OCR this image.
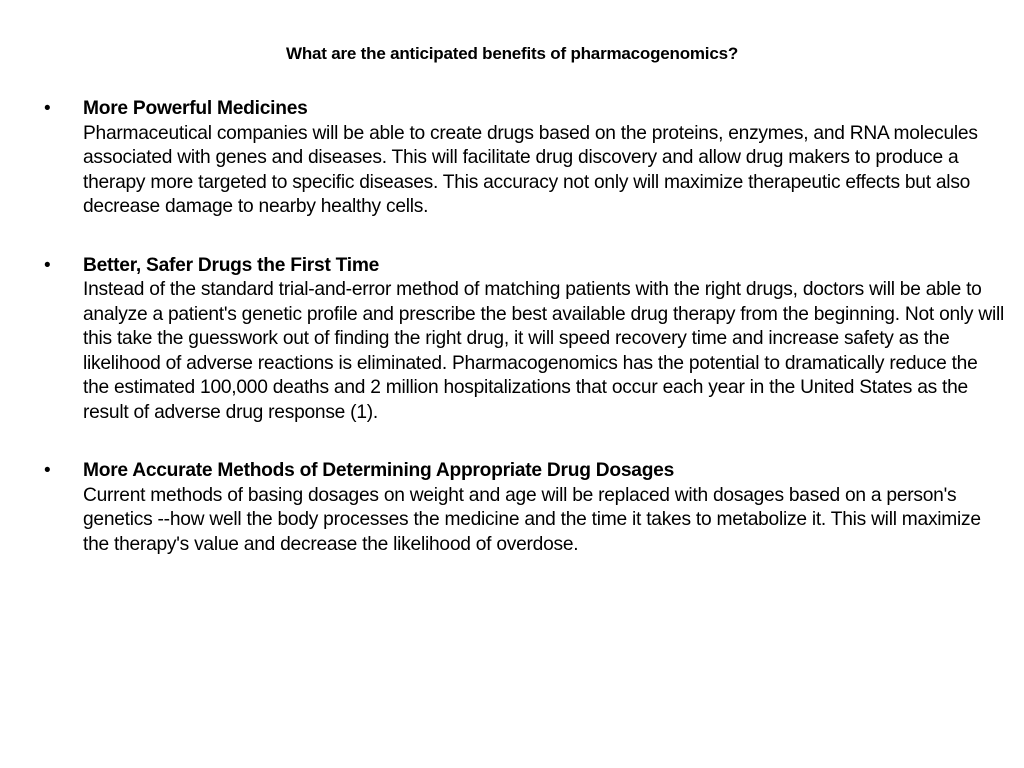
What are the anticipated benefits of pharmacogenomics?
• More Powerful Medicines
Pharmaceutical companies will be able to create drugs based on the proteins, enzymes, and RNA molecules associated with genes and diseases. This will facilitate drug discovery and allow drug makers to produce a therapy more targeted to specific diseases. This accuracy not only will maximize therapeutic effects but also decrease damage to nearby healthy cells.
• Better, Safer Drugs the First Time
Instead of the standard trial-and-error method of matching patients with the right drugs, doctors will be able to analyze a patient's genetic profile and prescribe the best available drug therapy from the beginning. Not only will this take the guesswork out of finding the right drug, it will speed recovery time and increase safety as the likelihood of adverse reactions is eliminated. Pharmacogenomics has the potential to dramatically reduce the the estimated 100,000 deaths and 2 million hospitalizations that occur each year in the United States as the result of adverse drug response (1).
• More Accurate Methods of Determining Appropriate Drug Dosages
Current methods of basing dosages on weight and age will be replaced with dosages based on a person's genetics --how well the body processes the medicine and the time it takes to metabolize it. This will maximize the therapy's value and decrease the likelihood of overdose.
